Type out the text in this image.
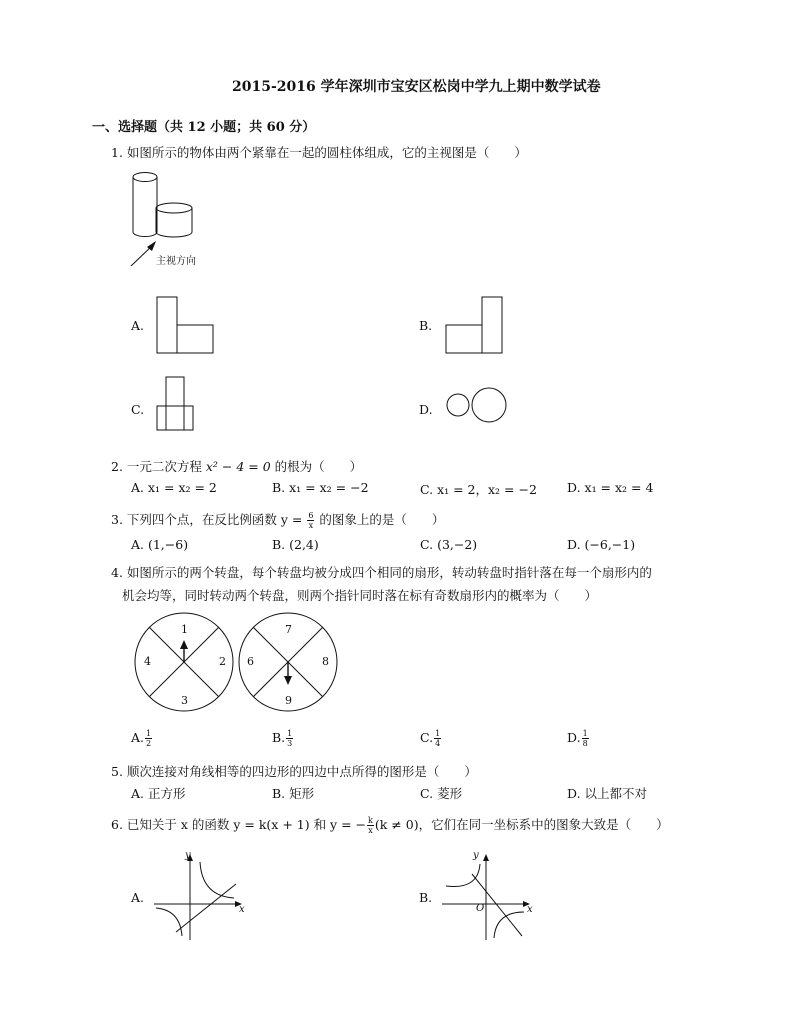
2015-2016 学年深圳市宝安区松岗中学九上期中数学试卷
一、选择题（共 12 小题；共 60 分）
1. 如图所示的物体由两个紧靠在一起的圆柱体组成，它的主视图是（　　）
主视方向
A.	B.
C.	D.
2. 一元二次方程 x² − 4 = 0 的根为（　　）
A. x₁ = x₂ = 2	B. x₁ = x₂ = −2	C. x₁ = 2，x₂ = −2 D. x₁ = x₂ = 4
3. 下列四个点，在反比例函数 $y = \frac{6}{x}$ 的图象上的是（　　）
A. (1,−6)	B. (2,4)	C. (3,−2)	D. (−6,−1)
4. 如图所示的两个转盘，每个转盘均被分成四个相同的扇形，转动转盘时指针落在每一个扇形内的
机会均等，同时转动两个转盘，则两个指针同时落在标有奇数扇形内的概率为（　　）
1
2
3
4
7
8
9
6
A. $\frac{1}{2}$	B. $\frac{1}{3}$	C. $\frac{1}{4}$	D. $\frac{1}{8}$
5. 顺次连接对角线相等的四边形的四边中点所得的图形是（　　）
A. 正方形	B. 矩形	C. 菱形	D. 以上都不对
6. 已知关于 x 的函数 y = k(x + 1) 和 y = − $\frac{k}{x} (k \ne 0)$，它们在同一坐标系中的图象大致是（　　）
A.
y
x
B.
y
O	x
